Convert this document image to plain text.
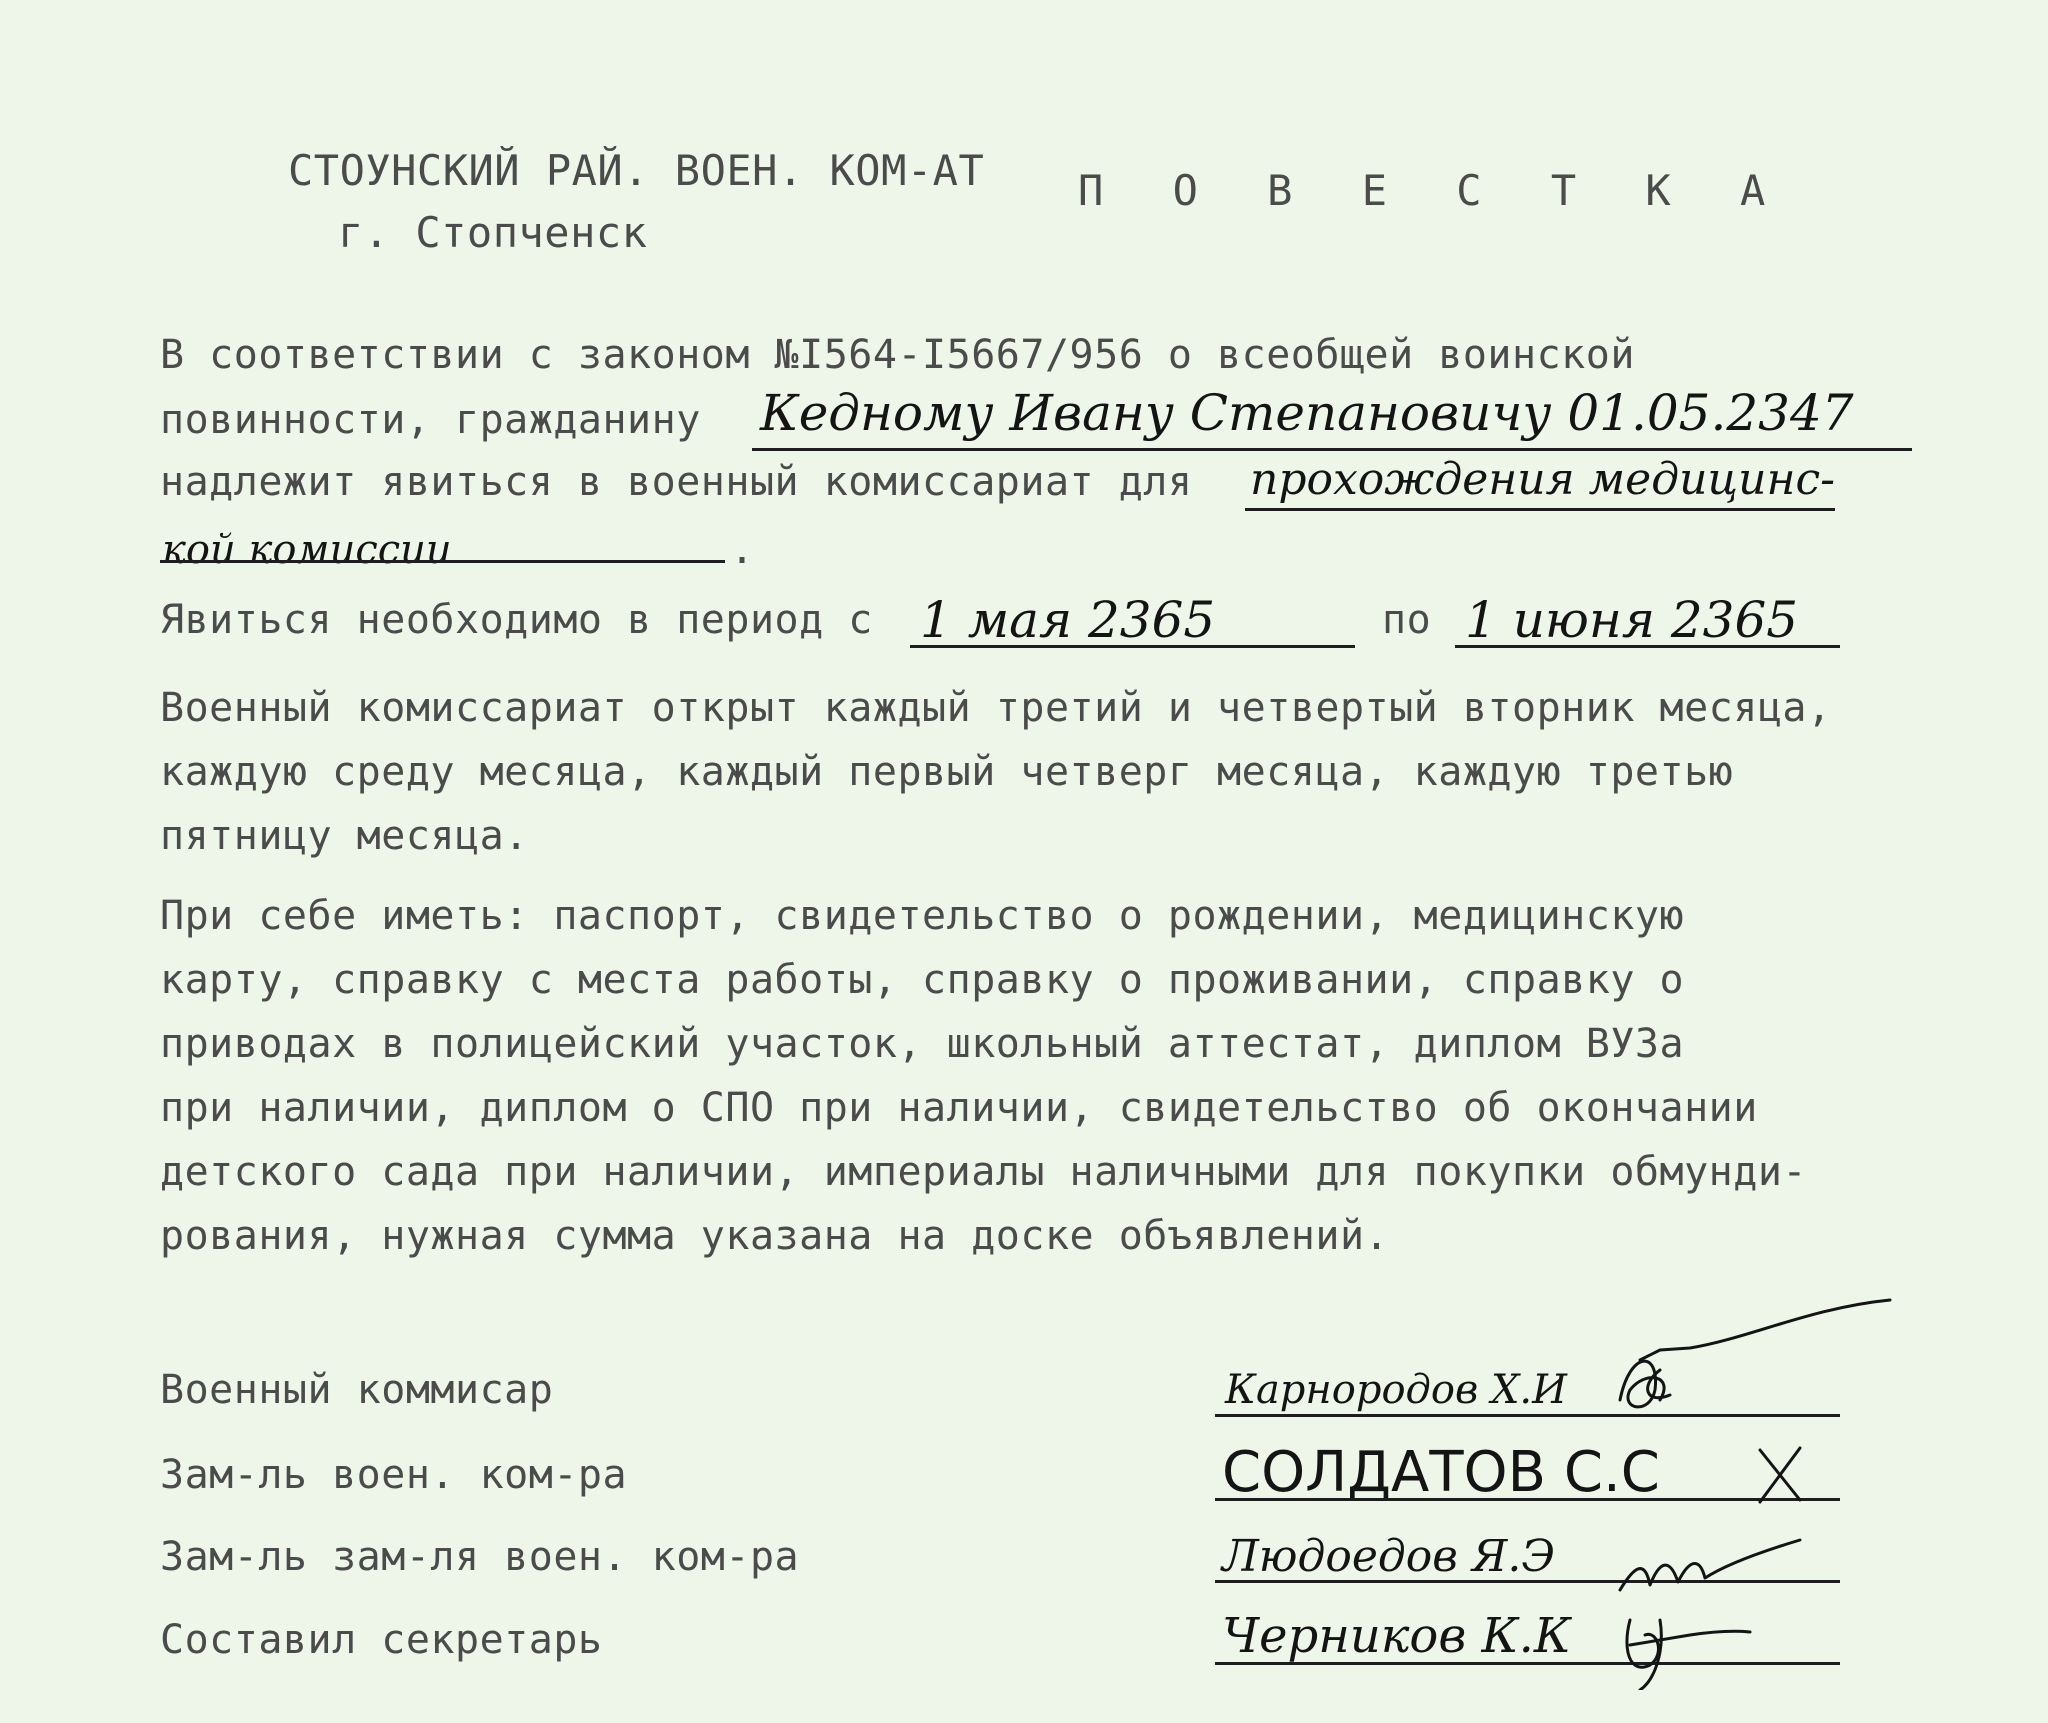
СТОУНСКИЙ РАЙ. ВОЕН. КОМ-АТ
г. Стопченск
П О В Е С Т К А
В соответствии с законом №I564-I5667/956 о всеобщей воинской
повинности, гражданину Кедному Ивану Степановичу 01.05.2347
надлежит явиться в военный комиссариат для прохождения медицинс-
кой комиссии	.
Явиться необходимо в период с 1 мая 2365	по 1 июня 2365
Военный комиссариат открыт каждый третий и четвертый вторник месяца,
каждую среду месяца, каждый первый четверг месяца, каждую третью
пятницу месяца.
При себе иметь: паспорт, свидетельство о рождении, медицинскую
карту, справку с места работы, справку о проживании, справку о
приводах в полицейский участок, школьный аттестат, диплом ВУЗа
при наличии, диплом о СПО при наличии, свидетельство об окончании
детского сада при наличии, империалы наличными для покупки обмунди-
рования, нужная сумма указана на доске объявлений.
Военный коммисар
Зам-ль воен. ком-ра
Зам-ль зам-ля воен. ком-ра
Составил секретарь
Карнородов Х.И
СОЛДАТОВ С.С
Людоедов Я.Э
Черников К.К
